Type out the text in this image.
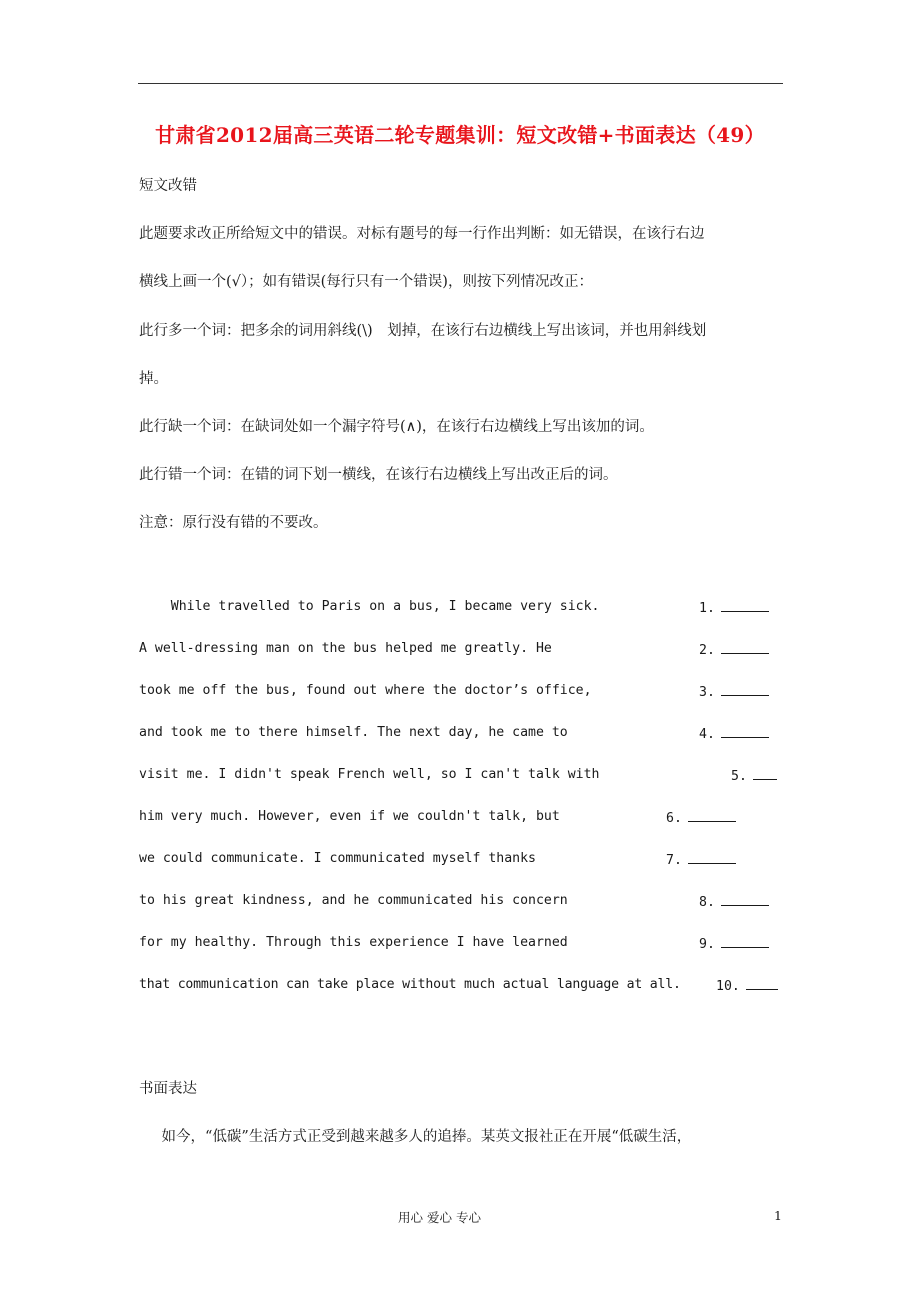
甘肃省2012届高三英语二轮专题集训：短文改错+书面表达（49）
短文改错
此题要求改正所给短文中的错误。对标有题号的每一行作出判断：如无错误，在该行右边
横线上画一个(√）；如有错误(每行只有一个错误)，则按下列情况改正：
此行多一个词：把多余的词用斜线(\)　划掉，在该行右边横线上写出该词，并也用斜线划
掉。
此行缺一个词：在缺词处如一个漏字符号(∧)，在该行右边横线上写出该加的词。
此行错一个词：在错的词下划一横线，在该行右边横线上写出改正后的词。
注意：原行没有错的不要改。
While travelled to Paris on a bus, I became very sick.	1.
A well-dressing man on the bus helped me greatly. He	2.
took me off the bus, found out where the doctor’s office,	3.
and took me to there himself. The next day, he came to	4.
visit me. I didn't speak French well, so I can't talk with	5.
him very much. However, even if we couldn't talk, but	6.
we could communicate. I communicated myself thanks	7.
to his great kindness, and he communicated his concern	8.
for my healthy. Through this experience I have learned	9.
that communication can take place without much actual language at all.	10.
书面表达
　如今，“低碳”生活方式正受到越来越多人的追捧。某英文报社正在开展“低碳生活，
用心 爱心 专心	1
